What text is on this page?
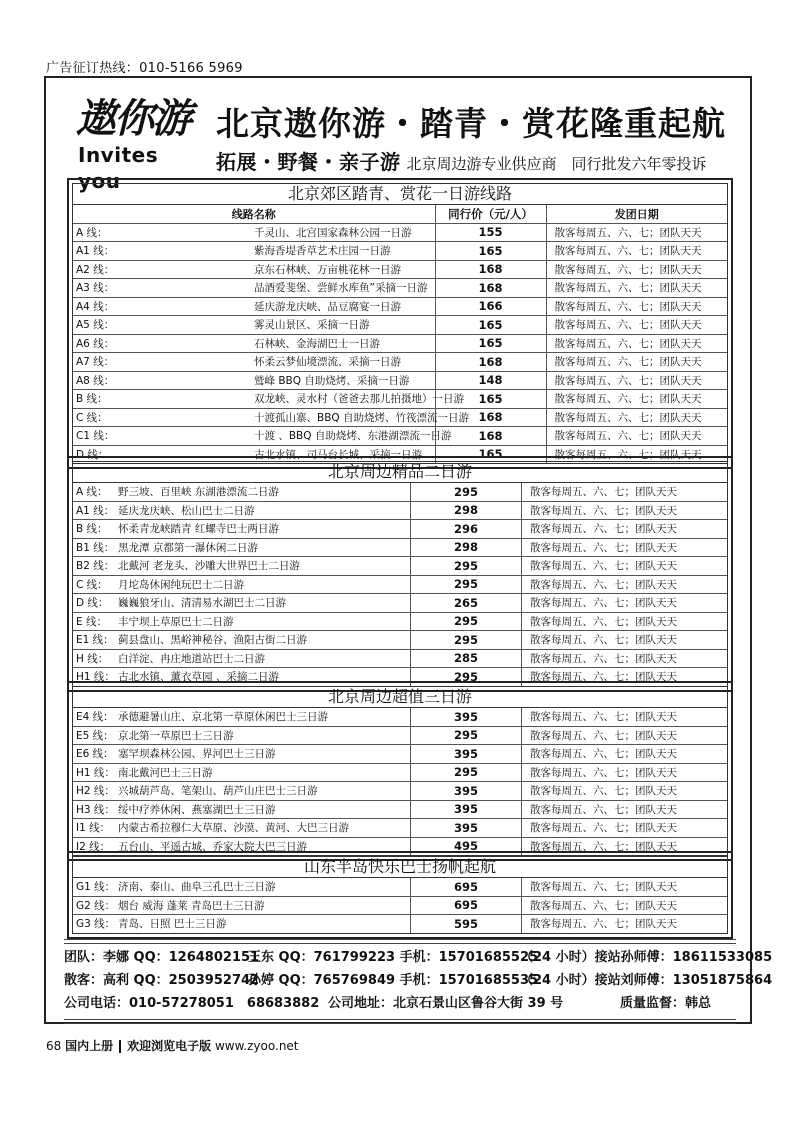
广告征订热线：010-5166 5969
遨你游
Invites you
北京遨你游・踏青・赏花隆重起航
拓展・野餐・亲子游 北京周边游专业供应商　同行批发六年零投诉
北京郊区踏青、赏花一日游线路
线路名称		同行价（元/人）	发团日期
A 线：	千灵山、北宫国家森林公园一日游	155	散客每周五、六、七；团队天天
A1 线：	紫海香堤香草艺术庄园一日游	165	散客每周五、六、七；团队天天
A2 线：	京东石林峡、万亩桃花林一日游	168	散客每周五、六、七；团队天天
A3 线：	品酒爱斐堡、尝鲜水库鱼”采摘一日游	168	散客每周五、六、七；团队天天
A4 线：	延庆游龙庆峡、品豆腐宴一日游	166	散客每周五、六、七；团队天天
A5 线：	雾灵山景区、采摘一日游	165	散客每周五、六、七；团队天天
A6 线：	石林峡、金海湖巴士一日游	165	散客每周五、六、七；团队天天
A7 线：	怀柔云梦仙境漂流、采摘一日游	168	散客每周五、六、七；团队天天
A8 线：	鹫峰 BBQ 自助烧烤、采摘一日游	148	散客每周五、六、七；团队天天
B 线：	双龙峡、灵水村（爸爸去那儿拍摄地）一日游	165	散客每周五、六、七；团队天天
C 线：	十渡孤山寨、BBQ 自助烧烤、竹筏漂流一日游	168	散客每周五、六、七；团队天天
C1 线：	十渡 、BBQ 自助烧烤、东港湖漂流一日游	168	散客每周五、六、七；团队天天
D 线：	古北水镇、司马台长城、采摘一日游	165	散客每周五、六、七；团队天天
北京周边精品二日游
A 线：	野三坡、百里峡 东湖港漂流二日游	295	散客每周五、六、七；团队天天
A1 线：	延庆龙庆峡、松山巴士二日游	298	散客每周五、六、七；团队天天
B 线：	怀柔青龙峡踏青 红螺寺巴士两日游	296	散客每周五、六、七；团队天天
B1 线：	黑龙潭 京都第一瀑休闲二日游	298	散客每周五、六、七；团队天天
B2 线：	北戴河 老龙头、沙雕大世界巴士二日游	295	散客每周五、六、七；团队天天
C 线：	月坨岛休闲纯玩巴士二日游	295	散客每周五、六、七；团队天天
D 线：	巍巍狼牙山、清清易水湖巴士二日游	265	散客每周五、六、七；团队天天
E 线：	丰宁坝上草原巴士二日游	295	散客每周五、六、七；团队天天
E1 线：	蓟县盘山、黑峪神秘谷、渔阳古街二日游	295	散客每周五、六、七；团队天天
H 线：	白洋淀、冉庄地道站巴士二日游	285	散客每周五、六、七；团队天天
H1 线：	古北水镇、薰衣草园 、采摘二日游	295	散客每周五、六、七；团队天天
北京周边超值三日游
E4 线：	承德避暑山庄、京北第一草原休闲巴士三日游	395	散客每周五、六、七；团队天天
E5 线：	京北第一草原巴士三日游	295	散客每周五、六、七；团队天天
E6 线：	塞罕坝森林公园、界河巴士三日游	395	散客每周五、六、七；团队天天
H1 线：	南北戴河巴士三日游	295	散客每周五、六、七；团队天天
H2 线：	兴城葫芦岛、笔架山、葫芦山庄巴士三日游	395	散客每周五、六、七；团队天天
H3 线：	绥中疗养休闲、燕塞湖巴士三日游	395	散客每周五、六、七；团队天天
I1 线：	内蒙古希拉穆仁大草原、沙漠、黄河、大巴三日游	395	散客每周五、六、七；团队天天
I2 线：	五台山、平遥古城、乔家大院大巴三日游	495	散客每周五、六、七；团队天天
山东半岛快乐巴士扬帆起航
G1 线：	济南、泰山、曲阜三孔巴士三日游	695	散客每周五、六、七；团队天天
G2 线：	烟台 威海 蓬莱 青岛巴士三日游	695	散客每周五、六、七；团队天天
G3 线：	青岛、日照 巴士三日游	595	散客每周五、六、七；团队天天
团队：李娜 QQ：1264802151王东 QQ：761799223 手机：15701685525（24 小时）接站孙师傅：18611533085
散客：高利 QQ：2503952742孙婷 QQ：765769849 手机：15701685535（24 小时）接站刘师傅：13051875864
公司电话：010-57278051　68683882 公司地址：北京石景山区鲁谷大街 39 号	质量监督：韩总
68 国内上册 欢迎浏览电子版 www.zyoo.net
